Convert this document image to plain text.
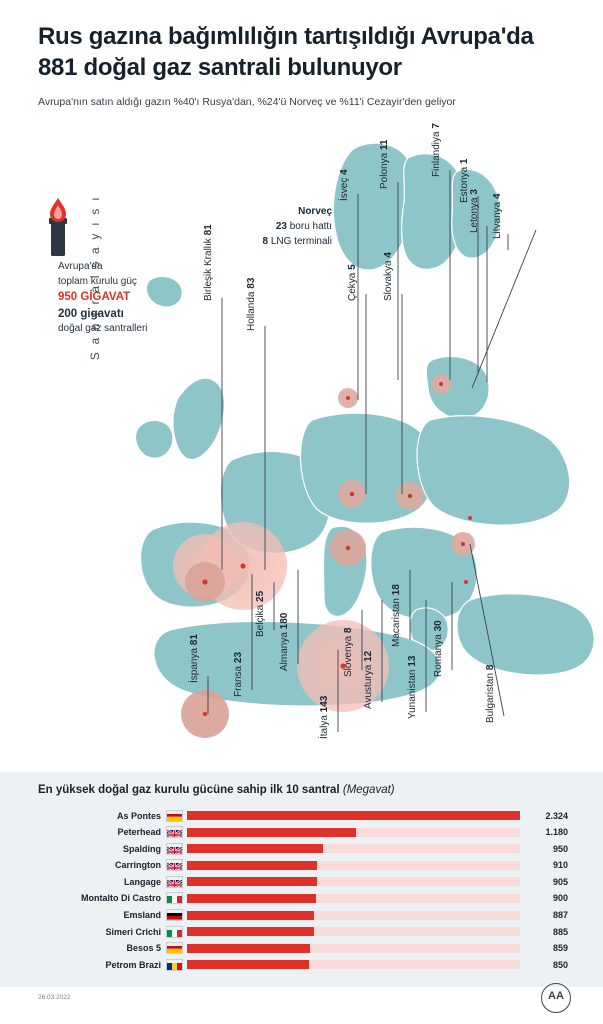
Rus gazına bağımlılığın tartışıldığı Avrupa'da 881 doğal gaz santrali bulunuyor
Avrupa'nın satın aldığı gazın %40'ı Rusya'dan, %24'ü Norveç ve %11'i Cezayir'den geliyor
Avrupa'da
toplam kurulu güç
950 GİGAVAT
200 gigavatı
doğal gaz santralleri
S a n t r a l s a y ı s ı	Norveç
23 boru hattı
8 LNG terminali
Birleşik Krallık 81
Hollanda 83
İsveç 4	Polonya 11	Finlandiya 7
Estonya 1
Letonya 3
Litvanya 4
Çekya 5	Slovakya 4
İspanya 81
Fransa 23
Belçika 25
Almanya 180
İtalya 143
Slovenya 8
Avusturya 12
Macaristan 18
Yunanistan 13 Romanya 30
Bulgaristan 8
En yüksek doğal gaz kurulu gücüne sahip ilk 10 santral (Megavat)
As Pontes	2.324
Peterhead	1.180
Spalding	950
Carrington	910
Langage	905
Montalto Di Castro	900
Emsland	887
Simeri Crichi	885
Besos 5	859
Petrom Brazi	850
26.03.2022	AA
